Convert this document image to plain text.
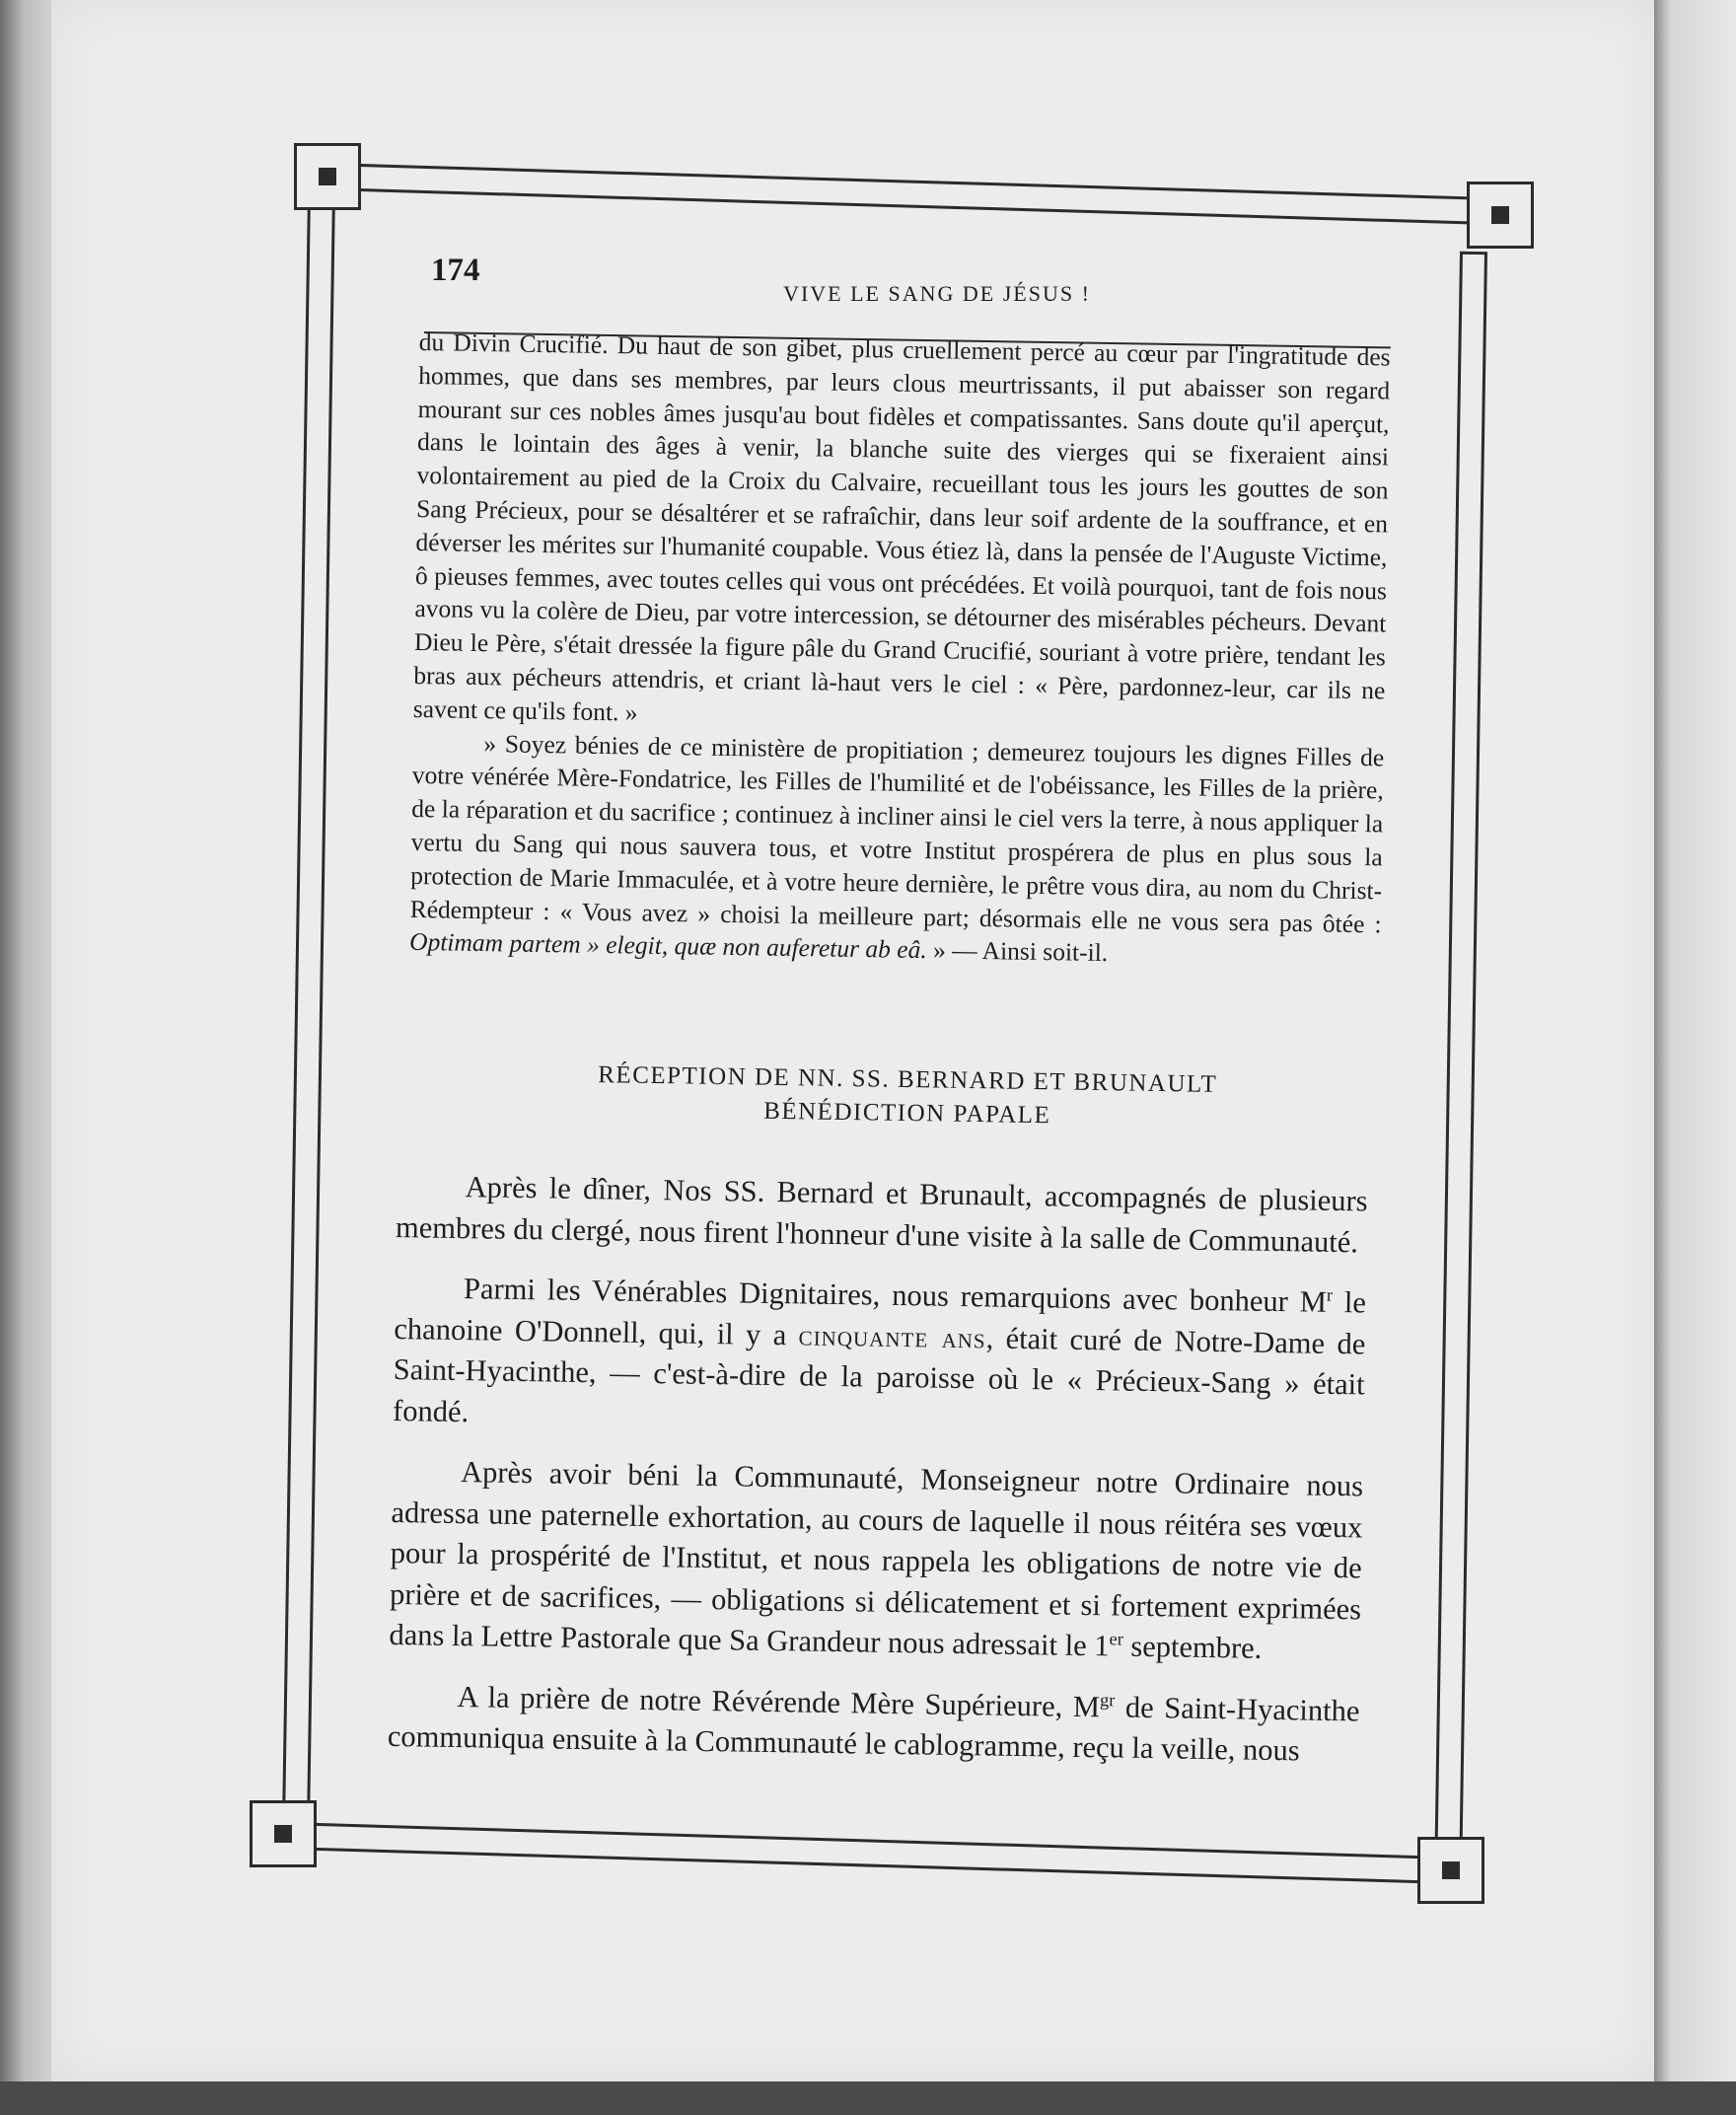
174
VIVE LE SANG DE JÉSUS !

du Divin Crucifié. Du haut de son gibet, plus cruellement percé au cœur par l'ingratitude des hommes, que dans ses membres, par leurs clous meurtrissants, il put abaisser son regard mourant sur ces nobles âmes jusqu'au bout fidèles et compatissantes. Sans doute qu'il aperçut, dans le lointain des âges à venir, la blanche suite des vierges qui se fixeraient ainsi volontairement au pied de la Croix du Calvaire, recueillant tous les jours les gouttes de son Sang Précieux, pour se désaltérer et se rafraîchir, dans leur soif ardente de la souffrance, et en déverser les mérites sur l'humanité coupable. Vous étiez là, dans la pensée de l'Auguste Victime, ô pieuses femmes, avec toutes celles qui vous ont précédées. Et voilà pourquoi, tant de fois nous avons vu la colère de Dieu, par votre intercession, se détourner des misérables pécheurs. Devant Dieu le Père, s'était dressée la figure pâle du Grand Crucifié, souriant à votre prière, tendant les bras aux pécheurs attendris, et criant là-haut vers le ciel : « Père, pardonnez-leur, car ils ne savent ce qu'ils font. »

» Soyez bénies de ce ministère de propitiation ; demeurez toujours les dignes Filles de votre vénérée Mère-Fondatrice, les Filles de l'humilité et de l'obéissance, les Filles de la prière, de la réparation et du sacrifice ; continuez à incliner ainsi le ciel vers la terre, à nous appliquer la vertu du Sang qui nous sauvera tous, et votre Institut prospérera de plus en plus sous la protection de Marie Immaculée, et à votre heure dernière, le prêtre vous dira, au nom du Christ-Rédempteur : « Vous avez » choisi la meilleure part; désormais elle ne vous sera pas ôtée : Optimam partem » elegit, quæ non auferetur ab eâ. » — Ainsi soit-il.

RÉCEPTION DE NN. SS. BERNARD ET BRUNAULT
BÉNÉDICTION PAPALE

Après le dîner, Nos SS. Bernard et Brunault, accompagnés de plusieurs membres du clergé, nous firent l'honneur d'une visite à la salle de Communauté.

Parmi les Vénérables Dignitaires, nous remarquions avec bonheur $M^r$ le chanoine O'Donnell, qui, il y a cinquante ans, était curé de Notre-Dame de Saint-Hyacinthe, — c'est-à-dire de la paroisse où le « Précieux-Sang » était fondé.

Après avoir béni la Communauté, Monseigneur notre Ordinaire nous adressa une paternelle exhortation, au cours de laquelle il nous réitéra ses vœux pour la prospérité de l'Institut, et nous rappela les obligations de notre vie de prière et de sacrifices, — obligations si délicatement et si fortement exprimées dans la Lettre Pastorale que Sa Grandeur nous adressait le 1er septembre.

A la prière de notre Révérende Mère Supérieure, $M^{gr}$ de Saint-Hyacinthe communiqua ensuite à la Communauté le cablogramme, reçu la veille, nous
